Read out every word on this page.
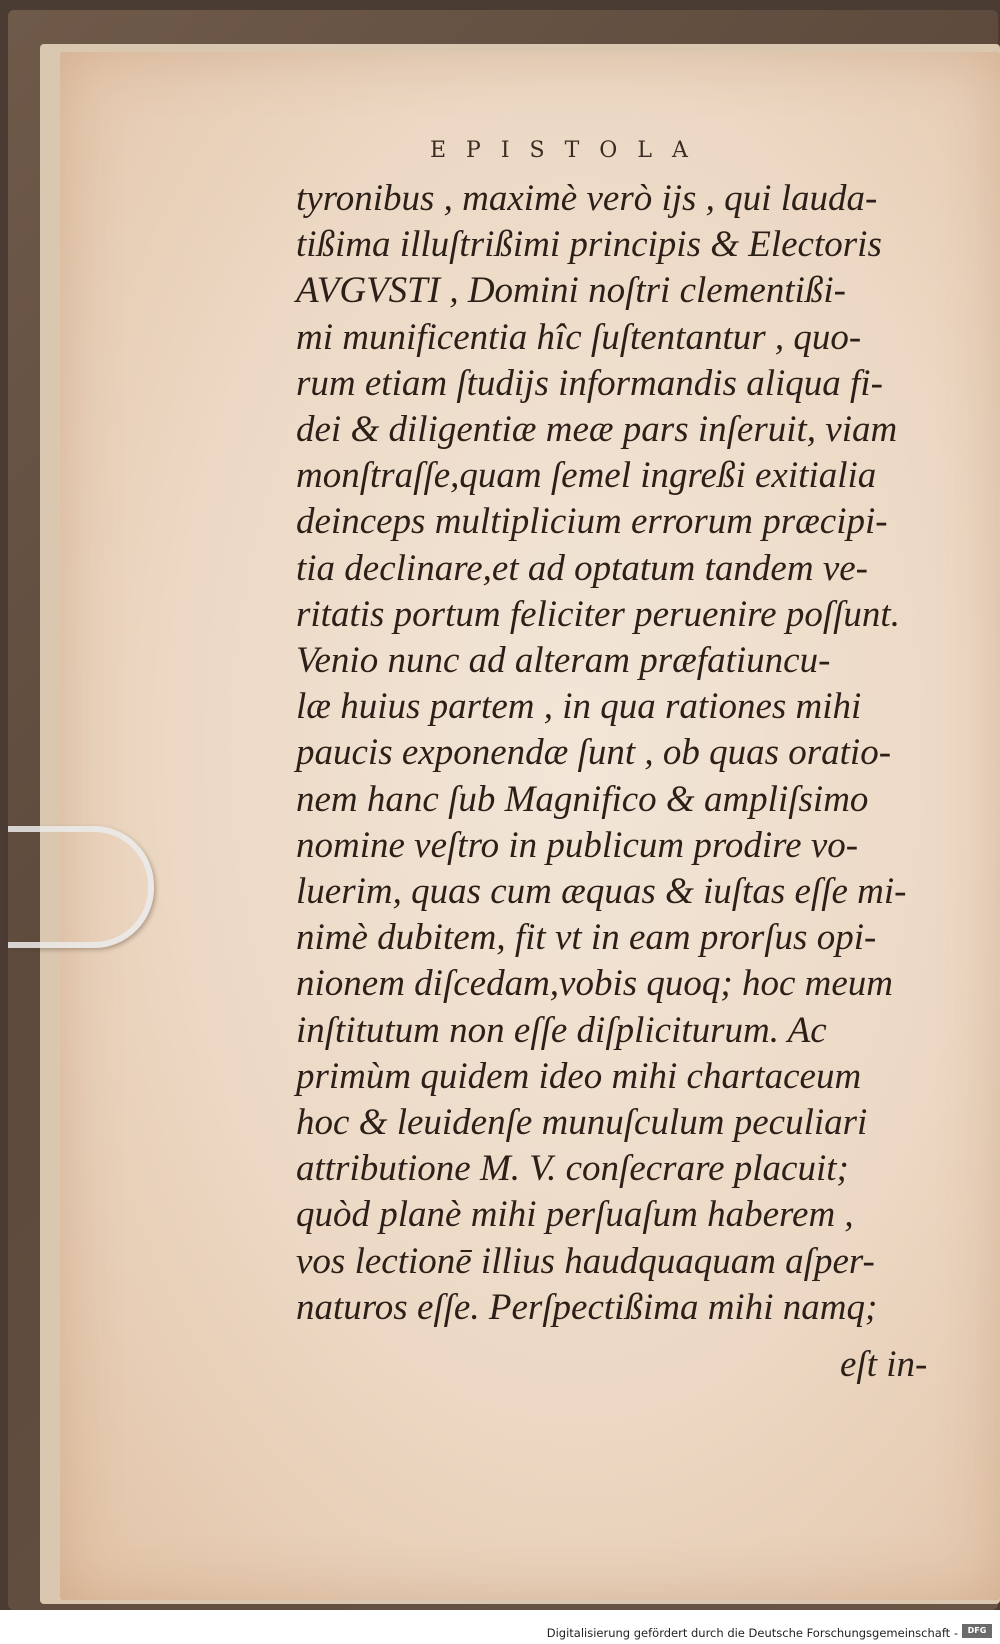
EPISTOLA
tyronibus , maximè verò ijs , qui lauda-
tißima illuſtrißimi principis & Electoris
AVGVSTI , Domini noſtri clementißi-
mi munificentia hîc ſuſtentantur , quo-
rum etiam ſtudijs informandis aliqua fi-
dei & diligentiæ meæ pars inſeruit, viam
monſtraſſe,quam ſemel ingreßi exitialia
deinceps multiplicium errorum præcipi-
tia declinare,et ad optatum tandem ve-
ritatis portum feliciter peruenire poſſunt.
Venio nunc ad alteram præfatiuncu-
læ huius partem , in qua rationes mihi
paucis exponendæ ſunt , ob quas oratio-
nem hanc ſub Magnifico & ampliſsimo
nomine veſtro in publicum prodire vo-
luerim, quas cum æquas & iuſtas eſſe mi-
nimè dubitem, fit vt in eam prorſus opi-
nionem diſcedam,vobis quoq; hoc meum
inſtitutum non eſſe diſpliciturum. Ac
primùm quidem ideo mihi chartaceum
hoc & leuidenſe munuſculum peculiari
attributione M. V. conſecrare placuit;
quòd planè mihi perſuaſum haberem ,
vos lectionē illius haudquaquam aſper-
naturos eſſe. Perſpectißima mihi namq;
eſt in-
Digitalisierung gefördert durch die Deutsche Forschungsgemeinschaft -	DFG
